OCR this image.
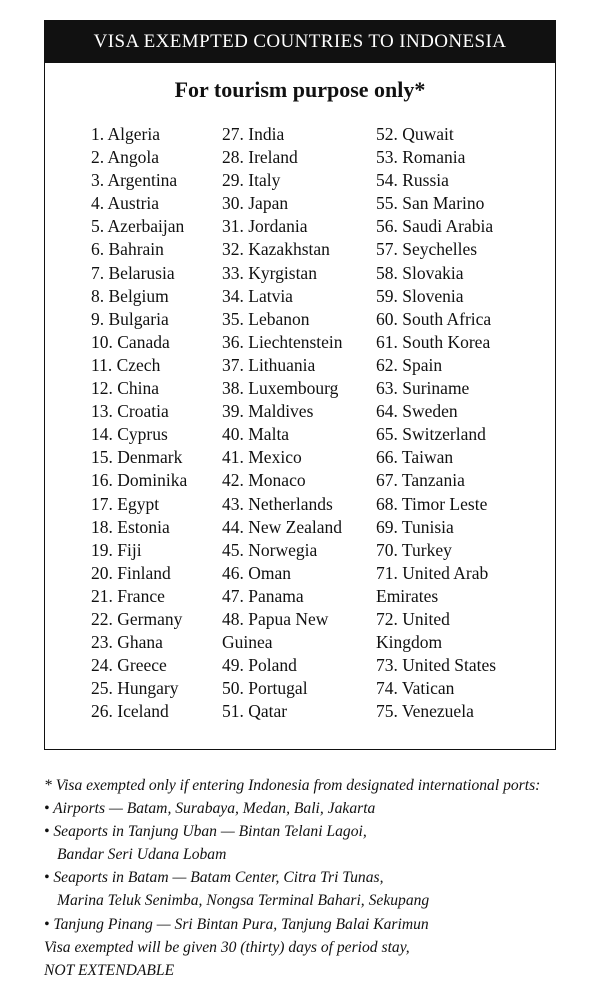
VISA EXEMPTED COUNTRIES TO INDONESIA
For tourism purpose only*
1. Algeria
2. Angola
3. Argentina
4. Austria
5. Azerbaijan
6. Bahrain
7. Belarusia
8. Belgium
9. Bulgaria
10. Canada
11. Czech
12. China
13. Croatia
14. Cyprus
15. Denmark
16. Dominika
17. Egypt
18. Estonia
19. Fiji
20. Finland
21. France
22. Germany
23. Ghana
24. Greece
25. Hungary
26. Iceland
27. India
28. Ireland
29. Italy
30. Japan
31. Jordania
32. Kazakhstan
33. Kyrgistan
34. Latvia
35. Lebanon
36. Liechtenstein
37. Lithuania
38. Luxembourg
39. Maldives
40. Malta
41. Mexico
42. Monaco
43. Netherlands
44. New Zealand
45. Norwegia
46. Oman
47. Panama
48. Papua New
Guinea
49. Poland
50. Portugal
51. Qatar
52. Quwait
53. Romania
54. Russia
55. San Marino
56. Saudi Arabia
57. Seychelles
58. Slovakia
59. Slovenia
60. South Africa
61. South Korea
62. Spain
63. Suriname
64. Sweden
65. Switzerland
66. Taiwan
67. Tanzania
68. Timor Leste
69. Tunisia
70. Turkey
71. United Arab
Emirates
72. United
Kingdom
73. United States
74. Vatican
75. Venezuela
* Visa exempted only if entering Indonesia from designated international ports:
• Airports — Batam, Surabaya, Medan, Bali, Jakarta
• Seaports in Tanjung Uban — Bintan Telani Lagoi,
Bandar Seri Udana Lobam
• Seaports in Batam — Batam Center, Citra Tri Tunas,
Marina Teluk Senimba, Nongsa Terminal Bahari, Sekupang
• Tanjung Pinang — Sri Bintan Pura, Tanjung Balai Karimun
Visa exempted will be given 30 (thirty) days of period stay,
NOT EXTENDABLE
